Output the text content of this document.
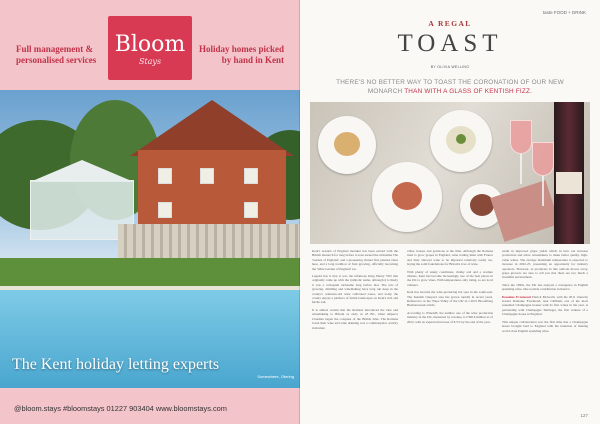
Full management & personalised services
Bloom
Stays
Holiday homes picked by hand in Kent
The Kent holiday letting experts
Somewhere, Otering
@bloom.stays #bloomstays 01227 903404 www.bloomstays.com
taste FOOD + DRINK
A REGAL
TOAST
BY OLIVIA WELLING
THERE'S NO BETTER WAY TO TOAST THE CORONATION OF OUR NEW MONARCH THAN WITH A GLASS OF KENTISH FIZZ.

Kent's Garden of England moniker has been earned with the British monarch for long before it even earned the nickname The 'Garden of England', and a pioneering vintner first planted vines here, and a long tradition of fruit growing, officially becoming the 'Wine Garden of England' too.

Legend has it that it was the infamous King Henry VIII that originally came up with the symbolic name, although it is likely it was a colloquial nickname long before that. The acts of growing, distilling and winemaking have long run deep in the county's centuries-old wine cultivated zones, and today the county enjoys a plethora of fertile landscapes on Kent's rich and fertile soil.

It is almost certain that the Romans introduced the vine and winemaking to Britain as early as 43 BC, when emperor Claudius began the conquest of the British Isles. The Romans loved their wine and wine drinking was a commonplace activity in Roman

villas, houses and garrisons at the time. Although the Romans tried to grow grapes in England, wine trading links with France and Italy allowed wine to be imported relatively easily too, laying the solid foundations for Britain's love of wine.

With plenty of sunny conditions, chalky soil and a warmer climate, Kent has become increasingly one of the best places in the UK to grow vines. With temperatures only rising, so are local vintners.

Kent has become the wine-producing hot spot in the south-east. The Kentish vineyard area has grown rapidly in recent years. Referred to as the 'Napa Valley of the UK' in a 2021 Bloomberg Businessweek article.

According to WineGB, the number one of the wine production industry in the UK, measured by revenue, is £390.9 million as of 2022, with an expected increase of 8.5% by the end of the year.

result in improved grape yields which in turn can increase production and allow winemakers to make better quality, high-value wines. The average maximum temperature is expected to increase in 2022-25, presenting an opportunity for industry operators. However, as producers in this outlook moves away, grape growers are sure to tell you that there are two much a bountiful environment.

Since the 1990s, the UK has enjoyed a resurgence in English sparkling wine. One notable contribution in Kent is

Domaine Evremond Patrick McGrath, with his 2011 whereby started Domaine Evremond, near Chilham, one of the most esteemed Champagne houses with its first wines in the year. A partnership with Champagne Taittinger, the first venture of a Champagne house in England.

This unique collaboration saw the first time that a Champagne house brought land to England with the intention of making world-class English sparkling wine.

127
